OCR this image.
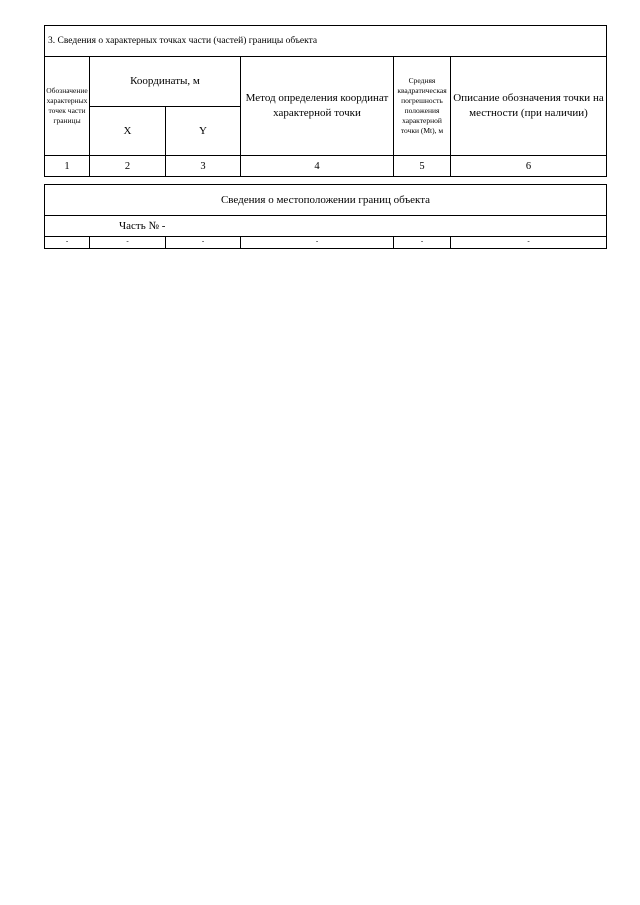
3. Сведения о характерных точках части (частей) границы объекта					
Обозначение характерных точек части границы	Координаты, м		Метод определения координат характерной точки	Средняя квадратическая погрешность положения характерной точки (Mt), м	Описание обозначения точки на местности (при наличии)
	X	Y			
1	2	3	4	5	6
Сведения о местоположении границ объекта
Часть № -
-	-	-	-	-	-
